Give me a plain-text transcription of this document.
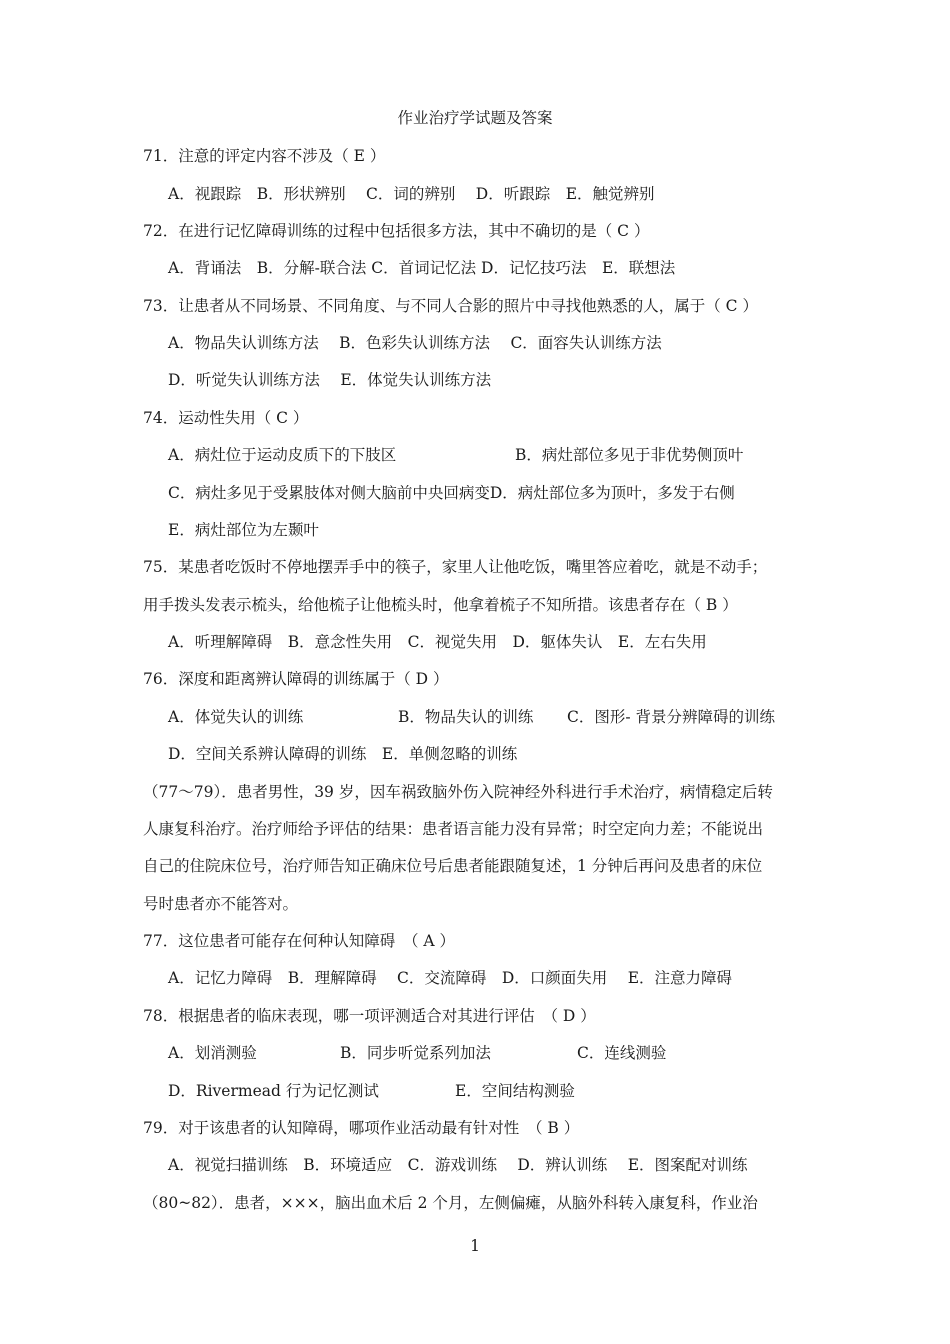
作业治疗学试题及答案
71．注意的评定内容不涉及（ E ）
A．视跟踪　B．形状辨别　 C．词的辨别　 D．听跟踪　E．触觉辨别
72．在进行记忆障碍训练的过程中包括很多方法，其中不确切的是（ C ）
A．背诵法　B．分解-联合法 C．首词记忆法 D．记忆技巧法　E．联想法
73．让患者从不同场景、不同角度、与不同人合影的照片中寻找他熟悉的人，属于（ C ）
A．物品失认训练方法　 B．色彩失认训练方法　 C．面容失认训练方法
D．听觉失认训练方法　 E．体觉失认训练方法
74．运动性失用（ C ）
A．病灶位于运动皮质下的下肢区	B．病灶部位多见于非优势侧顶叶
C．病灶多见于受累肢体对侧大脑前中央回病变D．病灶部位多为顶叶，多发于右侧
E．病灶部位为左颞叶
75．某患者吃饭时不停地摆弄手中的筷子，家里人让他吃饭，嘴里答应着吃，就是不动手；
用手拨头发表示梳头，给他梳子让他梳头时，他拿着梳子不知所措。该患者存在（ B ）
A．听理解障碍　B．意念性失用　C．视觉失用　D．躯体失认　E．左右失用
76．深度和距离辨认障碍的训练属于（ D ）
A．体觉失认的训练	B．物品失认的训练 C．图形- 背景分辨障碍的训练
D．空间关系辨认障碍的训练　E．单侧忽略的训练
（77～79）．患者男性，39 岁，因车祸致脑外伤入院神经外科进行手术治疗，病情稳定后转
人康复科治疗。治疗师给予评估的结果：患者语言能力没有异常；时空定向力差；不能说出
自己的住院床位号，治疗师告知正确床位号后患者能跟随复述，1 分钟后再问及患者的床位
号时患者亦不能答对。
77．这位患者可能存在何种认知障碍　（ A ）
A．记忆力障碍　B．理解障碍　 C．交流障碍　D．口颜面失用　 E．注意力障碍
78．根据患者的临床表现，哪一项评测适合对其进行评估　（ D ）
A．划消测验	B．同步听觉系列加法	C．连线测验
D．Rivermead 行为记忆测试	E．空间结构测验
79．对于该患者的认知障碍，哪项作业活动最有针对性　（ B ）
A．视觉扫描训练　B．环境适应　C．游戏训练　 D．辨认训练　 E．图案配对训练
（80~82）．患者，×××，脑出血术后 2 个月，左侧偏瘫，从脑外科转入康复科，作业治
1
